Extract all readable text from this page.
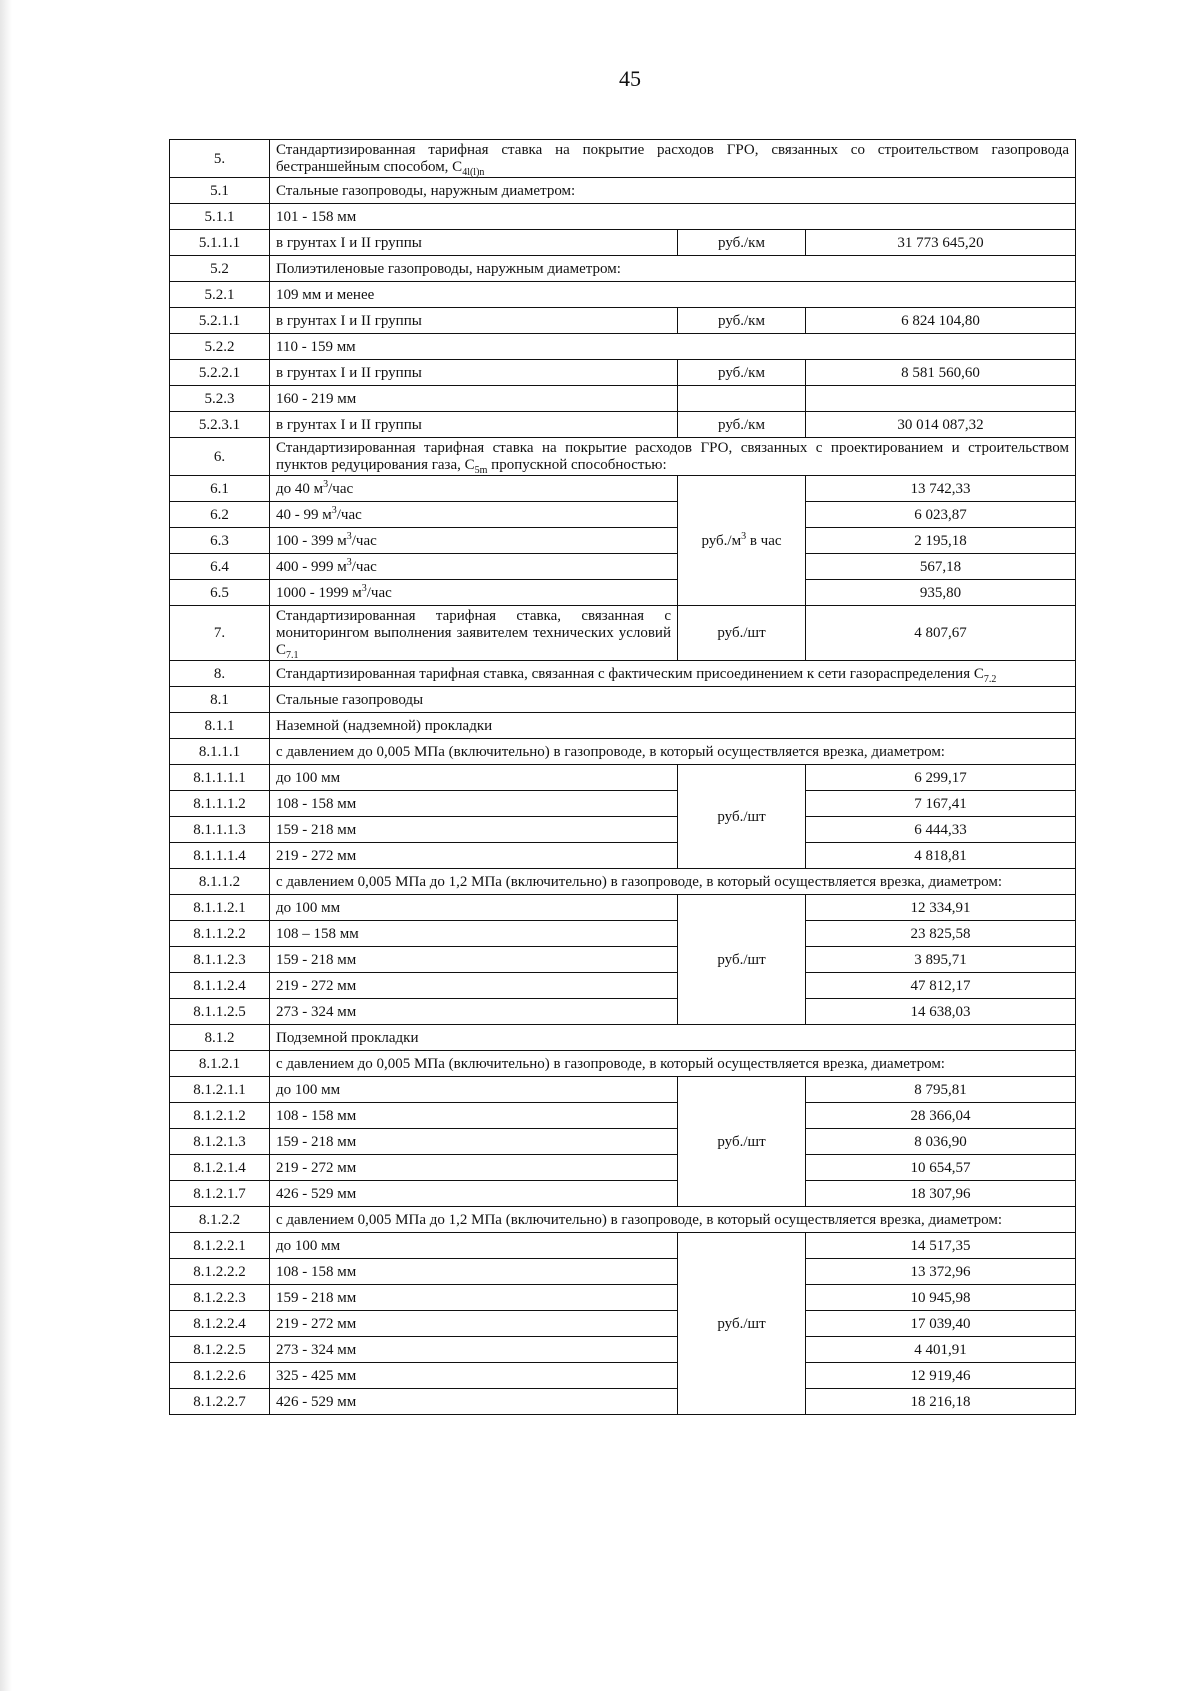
45
5.	Стандартизированная тарифная ставка на покрытие расходов ГРО, связанных со строительством газопровода бестраншейным способом, $С_{4l(l)n}$
5.1	Стальные газопроводы, наружным диаметром:		
5.1.1	101 - 158 мм		
5.1.1.1	в грунтах I и II группы	руб./км	31 773 645,20
5.2	Полиэтиленовые газопроводы, наружным диаметром:		
5.2.1	109 мм и менее		
5.2.1.1	в грунтах I и II группы	руб./км	6 824 104,80
5.2.2	110 - 159 мм		
5.2.2.1	в грунтах I и II группы	руб./км	8 581 560,60
5.2.3	160 - 219 мм		
5.2.3.1	в грунтах I и II группы	руб./км	30 014 087,32
6.	Стандартизированная тарифная ставка на покрытие расходов ГРО, связанных с проектированием и строительством пунктов редуцирования газа, $С_{5m}$ пропускной способностью:		
6.1	до 40 $м^3$/час	$руб./м^3$ в час	13 742,33
6.2	40 - 99 $м^3$/час		6 023,87
6.3	100 - 399 $м^3$/час		2 195,18
6.4	400 - 999 $м^3$/час		567,18
6.5	1000 - 1999 $м^3$/час		935,80
7.	Стандартизированная тарифная ставка, связанная с мониторингом выполнения заявителем технических условий $С_{7.1}$	руб./шт	4 807,67
8.	Стандартизированная тарифная ставка, связанная с фактическим присоединением к сети газораспределения $С_{7.2}$
8.1	Стальные газопроводы		
8.1.1	Наземной (надземной) прокладки		
8.1.1.1	с давлением до 0,005 МПа (включительно) в газопроводе, в который осуществляется врезка, диаметром:		
8.1.1.1.1	до 100 мм	руб./шт	6 299,17
8.1.1.1.2	108 - 158 мм		7 167,41
8.1.1.1.3	159 - 218 мм		6 444,33
8.1.1.1.4	219 - 272 мм		4 818,81
8.1.1.2	с давлением 0,005 МПа до 1,2 МПа (включительно) в газопроводе, в который осуществляется врезка, диаметром:		
8.1.1.2.1	до 100 мм	руб./шт	12 334,91
8.1.1.2.2	108 – 158 мм		23 825,58
8.1.1.2.3	159 - 218 мм		3 895,71
8.1.1.2.4	219 - 272 мм		47 812,17
8.1.1.2.5	273 - 324 мм		14 638,03
8.1.2	Подземной прокладки		
8.1.2.1	с давлением до 0,005 МПа (включительно) в газопроводе, в который осуществляется врезка, диаметром:		
8.1.2.1.1	до 100 мм	руб./шт	8 795,81
8.1.2.1.2	108 - 158 мм		28 366,04
8.1.2.1.3	159 - 218 мм		8 036,90
8.1.2.1.4	219 - 272 мм		10 654,57
8.1.2.1.7	426 - 529 мм		18 307,96
8.1.2.2	с давлением 0,005 МПа до 1,2 МПа (включительно) в газопроводе, в который осуществляется врезка, диаметром:		
8.1.2.2.1	до 100 мм	руб./шт	14 517,35
8.1.2.2.2	108 - 158 мм		13 372,96
8.1.2.2.3	159 - 218 мм		10 945,98
8.1.2.2.4	219 - 272 мм		17 039,40
8.1.2.2.5	273 - 324 мм		4 401,91
8.1.2.2.6	325 - 425 мм		12 919,46
8.1.2.2.7	426 - 529 мм		18 216,18
